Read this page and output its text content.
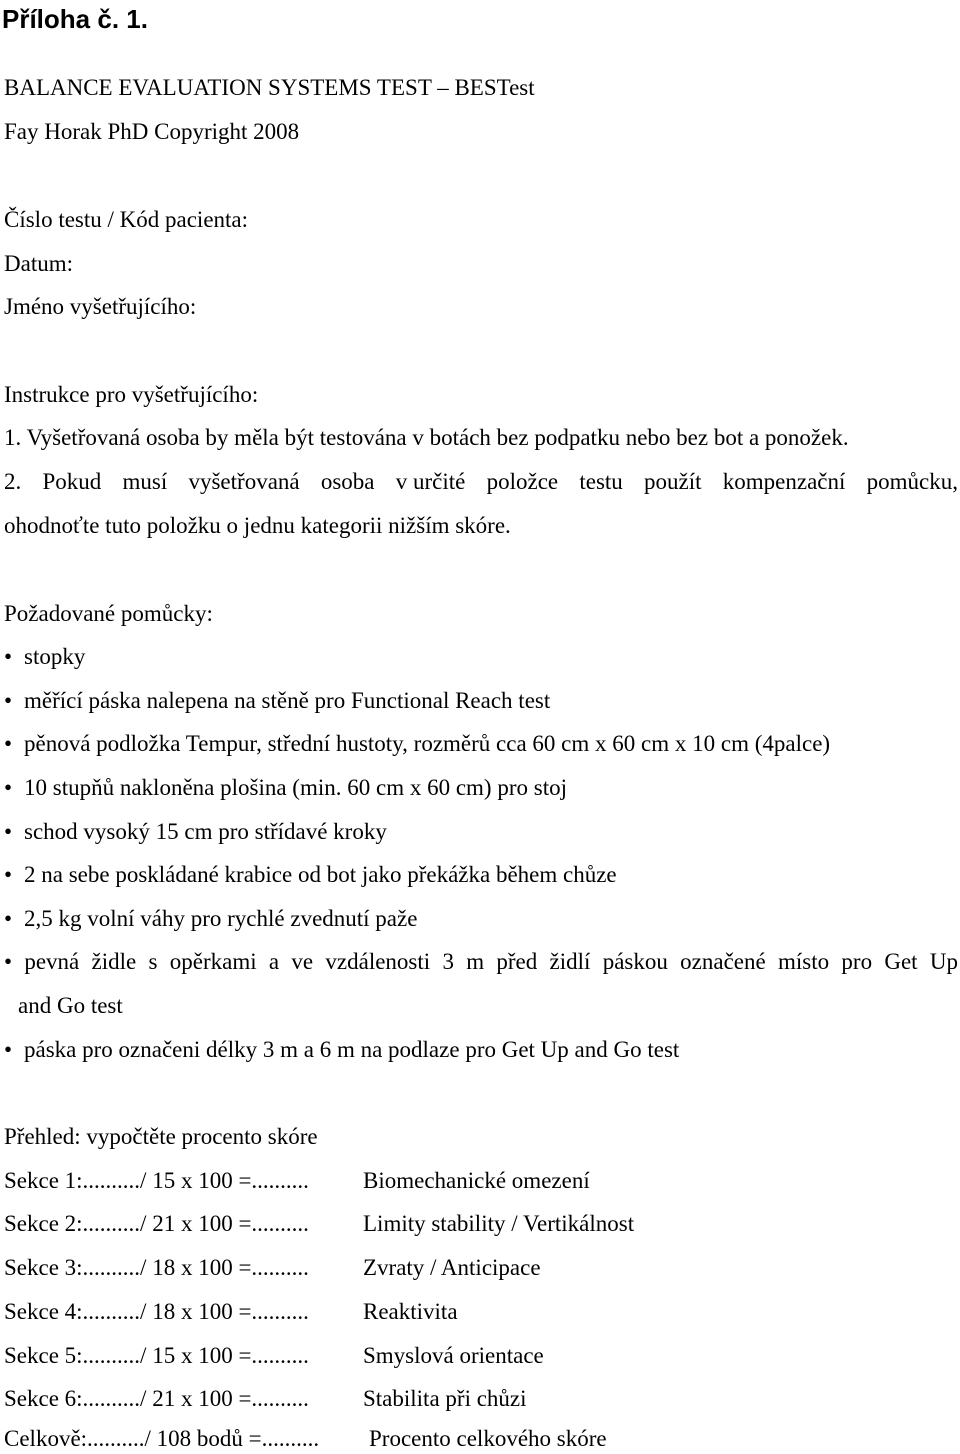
Příloha č. 1.
BALANCE EVALUATION SYSTEMS TEST – BESTest
Fay Horak PhD Copyright 2008
Číslo testu / Kód pacienta:
Datum:
Jméno vyšetřujícího:
Instrukce pro vyšetřujícího:
1. Vyšetřovaná osoba by měla být testována v botách bez podpatku nebo bez bot a ponožek.
2. Pokud musí vyšetřovaná osoba v určité položce testu použít kompenzační pomůcku,
ohodnoťte tuto položku o jednu kategorii nižším skóre.
Požadované pomůcky:
• stopky
• měřící páska nalepena na stěně pro Functional Reach test
• pěnová podložka Tempur, střední hustoty, rozměrů cca 60 cm x 60 cm x 10 cm (4palce)
• 10 stupňů nakloněna plošina (min. 60 cm x 60 cm) pro stoj
• schod vysoký 15 cm pro střídavé kroky
• 2 na sebe poskládané krabice od bot jako překážka během chůze
• 2,5 kg volní váhy pro rychlé zvednutí paže
• pevná židle s opěrkami a ve vzdálenosti 3 m před židlí páskou označené místo pro Get Up
and Go test
• páska pro označeni délky 3 m a 6 m na podlaze pro Get Up and Go test
Přehled: vypočtěte procento skóre
Sekce 1:........../ 15 x 100 =.......... Biomechanické omezení
Sekce 2:........../ 21 x 100 =.......... Limity stability / Vertikálnost
Sekce 3:........../ 18 x 100 =.......... Zvraty / Anticipace
Sekce 4:........../ 18 x 100 =.......... Reaktivita
Sekce 5:........../ 15 x 100 =.......... Smyslová orientace
Sekce 6:........../ 21 x 100 =.......... Stabilita při chůzi
Celkově:........../ 108 bodů =.......... Procento celkového skóre
